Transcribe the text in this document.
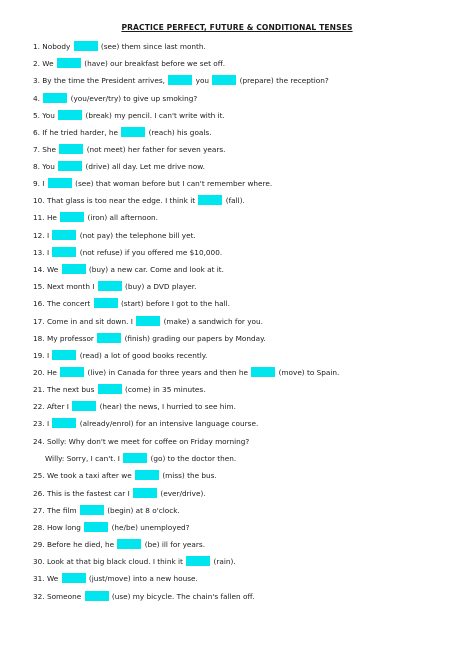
PRACTICE PERFECT, FUTURE & CONDITIONAL TENSES
1. Nobody	(see) them since last month.
2. We	(have) our breakfast before we set off.
3. By the time the President arrives,	you	(prepare) the reception?
4.	(you/ever/try) to give up smoking?
5. You	(break) my pencil. I can't write with it.
6. If he tried harder, he	(reach) his goals.
7. She	(not meet) her father for seven years.
8. You	(drive) all day. Let me drive now.
9. I	(see) that woman before but I can't remember where.
10. That glass is too near the edge. I think it	(fall).
11. He	(iron) all afternoon.
12. I	(not pay) the telephone bill yet.
13. I	(not refuse) if you offered me $10,000.
14. We	(buy) a new car. Come and look at it.
15. Next month I	(buy) a DVD player.
16. The concert	(start) before I got to the hall.
17. Come in and sit down. I	(make) a sandwich for you.
18. My professor	(finish) grading our papers by Monday.
19. I	(read) a lot of good books recently.
20. He	(live) in Canada for three years and then he	(move) to Spain.
21. The next bus	(come) in 35 minutes.
22. After I	(hear) the news, I hurried to see him.
23. I	(already/enrol) for an intensive language course.
24. Solly: Why don't we meet for coffee on Friday morning?
Willy: Sorry, I can't. I	(go) to the doctor then.
25. We took a taxi after we	(miss) the bus.
26. This is the fastest car I	(ever/drive).
27. The film	(begin) at 8 o'clock.
28. How long	(he/be) unemployed?
29. Before he died, he	(be) ill for years.
30. Look at that big black cloud. I think it	(rain).
31. We	(just/move) into a new house.
32. Someone	(use) my bicycle. The chain's fallen off.
